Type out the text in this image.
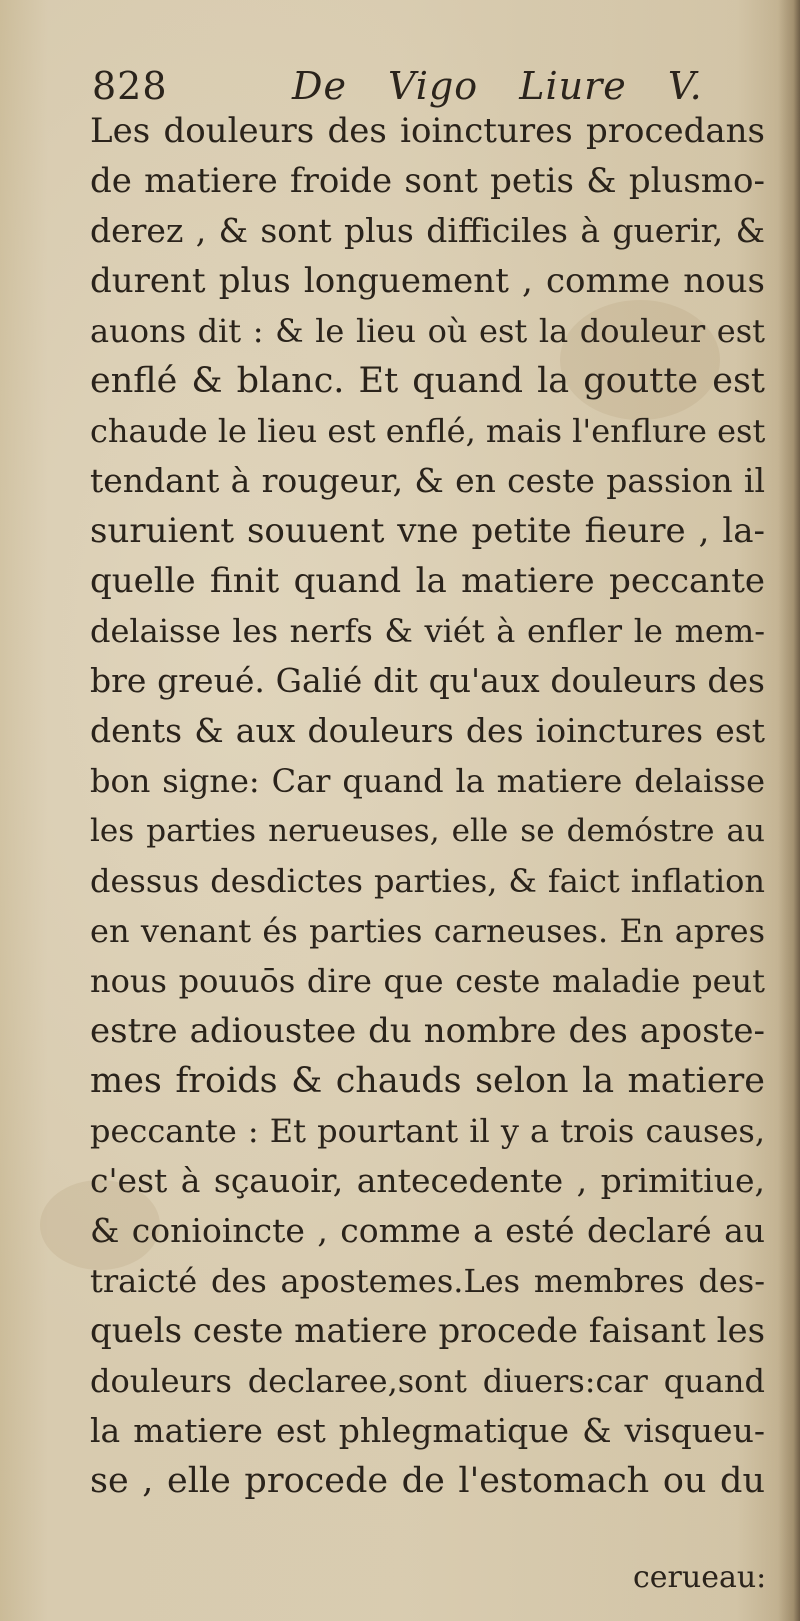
828	De Vigo Liure V.
Les douleurs des ioinctures procedans
de matiere froide sont petis & plusmo-
derez , & sont plus difficiles à guerir, &
durent plus longuement , comme nous
auons dit : & le lieu où est la douleur est
enflé & blanc. Et quand la goutte est
chaude le lieu est enflé, mais l'enflure est
tendant à rougeur, & en ceste passion il
suruient souuent vne petite fieure , la-
quelle finit quand la matiere peccante
delaisse les nerfs & viét à enfler le mem-
bre greué. Galié dit qu'aux douleurs des
dents & aux douleurs des ioinctures est
bon signe: Car quand la matiere delaisse
les parties nerueuses, elle se demóstre au
dessus desdictes parties, & faict inflation
en venant és parties carneuses. En apres
nous pouuōs dire que ceste maladie peut
estre adioustee du nombre des aposte-
mes froids & chauds selon la matiere
peccante : Et pourtant il y a trois causes,
c'est à sçauoir, antecedente , primitiue,
& conioincte , comme a esté declaré au
traicté des apostemes.Les membres des-
quels ceste matiere procede faisant les
douleurs declaree,sont diuers:car quand
la matiere est phlegmatique & visqueu-
se , elle procede de l'estomach ou du
cerueau:
